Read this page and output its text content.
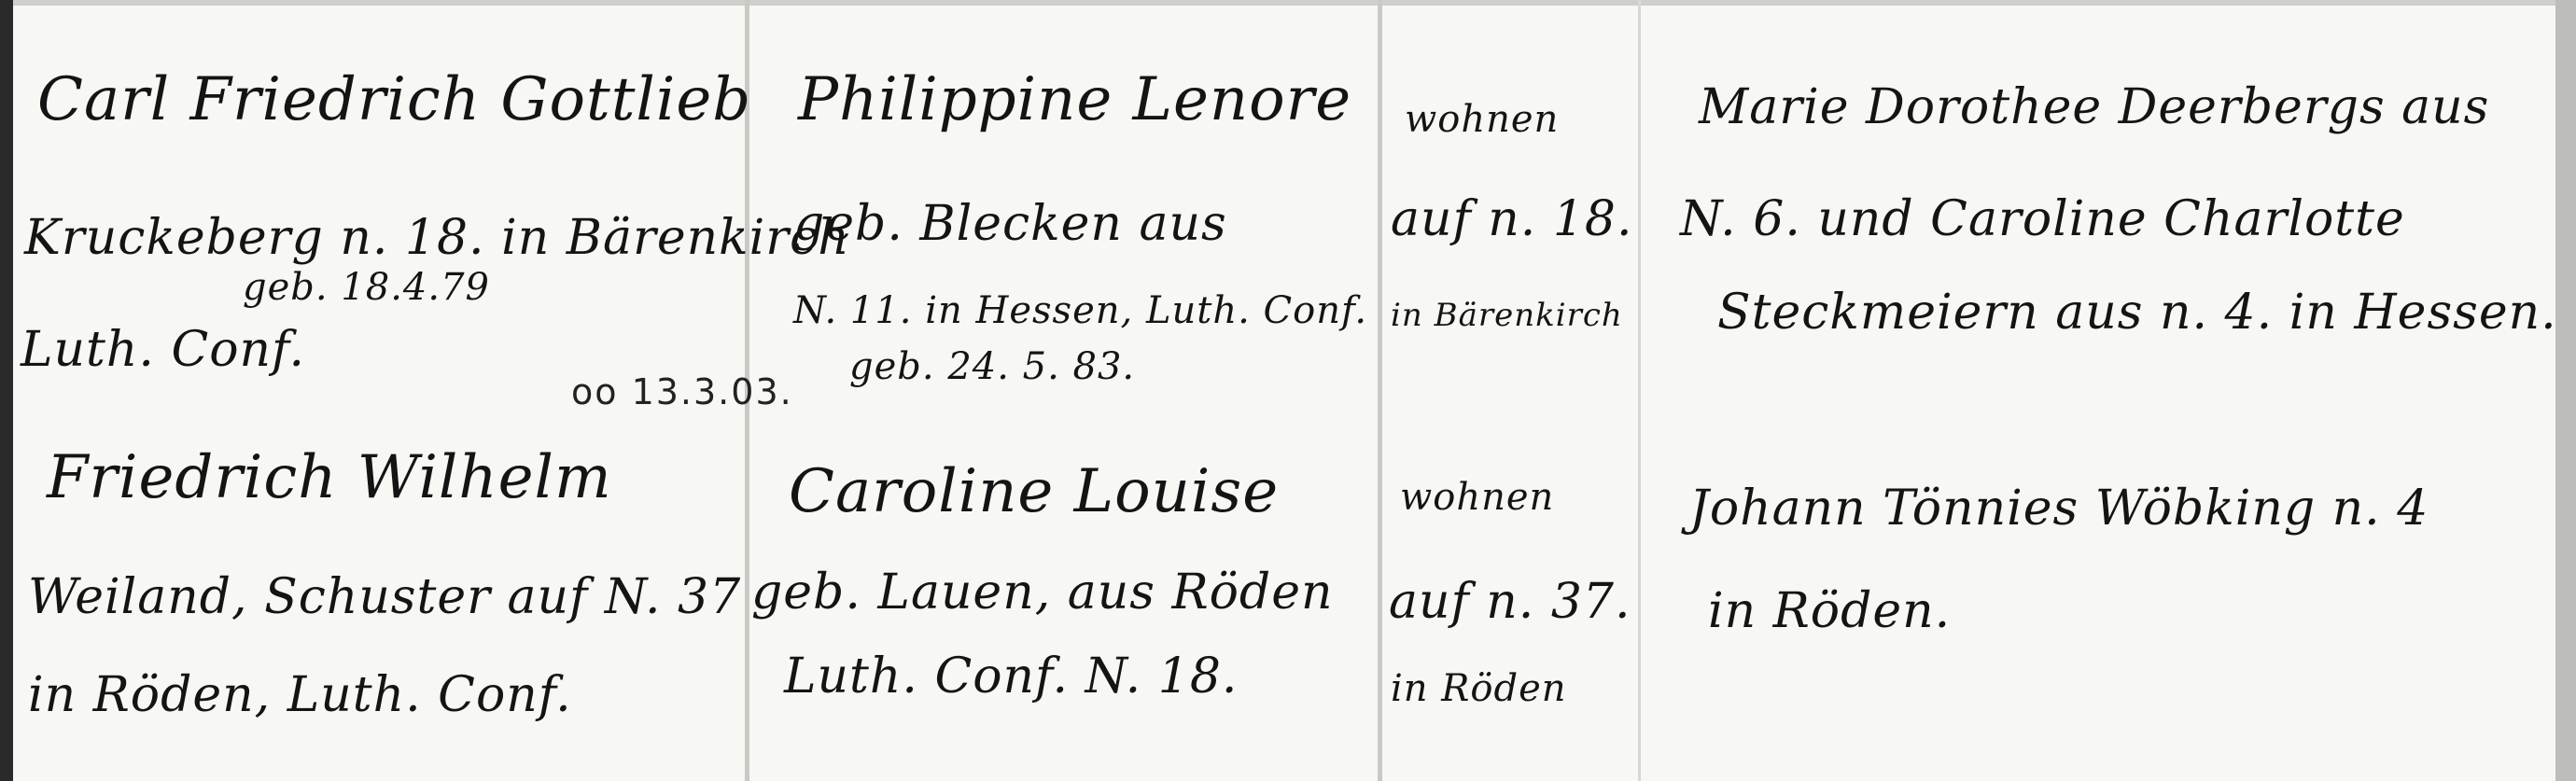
Carl Friedrich Gottlieb
Kruckeberg n. 18. in Bärenkirch
Luth. Conf.
geb. 18.4.79
Philippine Lenore
geb. Blecken aus
N. 11. in Hessen, Luth. Conf.
geb. 24. 5. 83.
wohnen
auf n. 18.
in Bärenkirch
Marie Dorothee Deerbergs aus
N. 6. und Caroline Charlotte
Steckmeiern aus n. 4. in Hessen.
oo 13.3.03.
Friedrich Wilhelm
Weiland, Schuster auf N. 37
in Röden, Luth. Conf.
Caroline Louise
geb. Lauen, aus Röden
Luth. Conf. N. 18.
wohnen
auf n. 37.
in Röden
Johann Tönnies Wöbking n. 4
in Röden.
